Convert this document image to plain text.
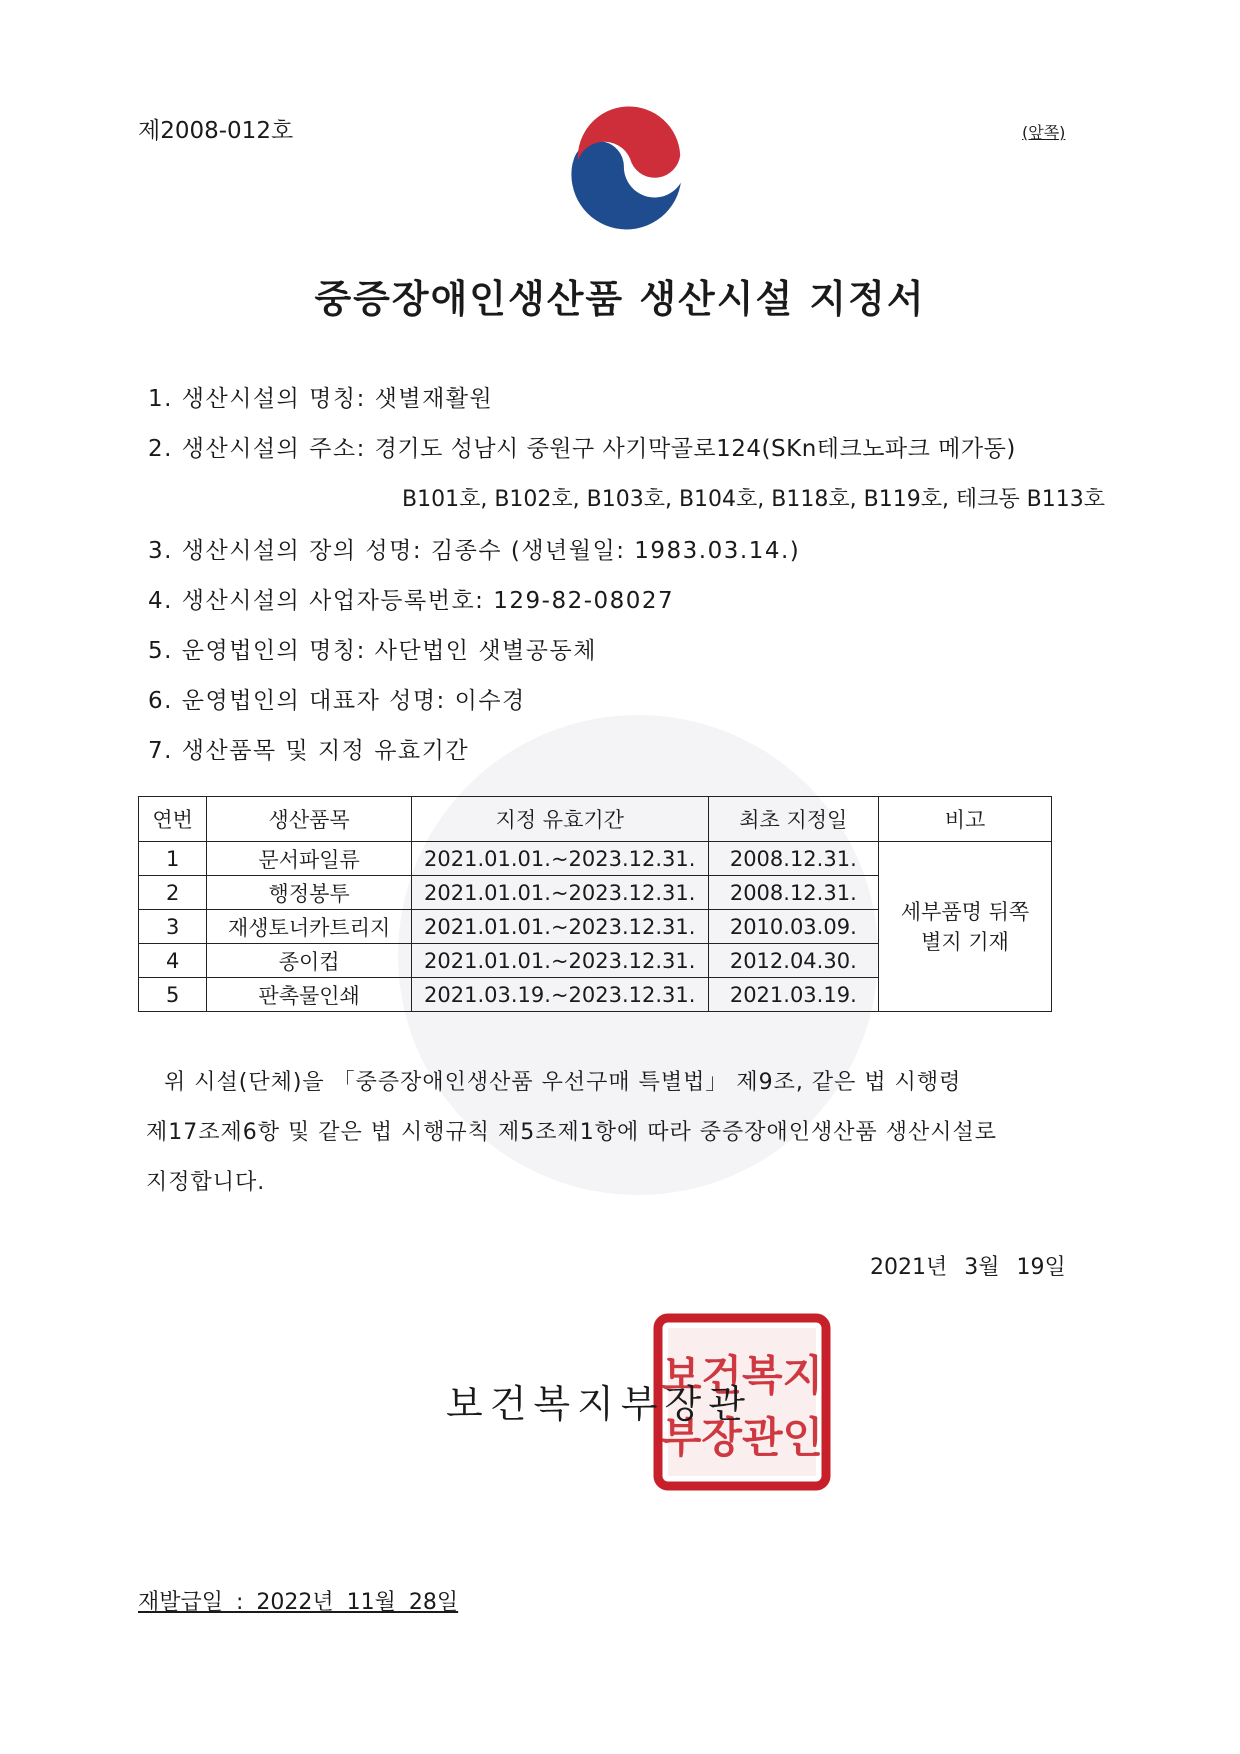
제2008-012호	(앞쪽)
중증장애인생산품 생산시설 지정서
1. 생산시설의 명칭: 샛별재활원
2. 생산시설의 주소: 경기도 성남시 중원구 사기막골로124(SKn테크노파크 메가동)
B101호, B102호, B103호, B104호, B118호, B119호, 테크동 B113호
3. 생산시설의 장의 성명: 김종수 (생년월일: 1983.03.14.)
4. 생산시설의 사업자등록번호: 129-82-08027
5. 운영법인의 명칭: 사단법인 샛별공동체
6. 운영법인의 대표자 성명: 이수경
7. 생산품목 및 지정 유효기간
연번	생산품목	지정 유효기간	최초 지정일	비고
1	문서파일류	2021.01.01.~2023.12.31.	2008.12.31.	세부품명 뒤쪽
별지 기재
2	행정봉투	2021.01.01.~2023.12.31.	2008.12.31.	
3	재생토너카트리지	2021.01.01.~2023.12.31.	2010.03.09.	
4	종이컵	2021.01.01.~2023.12.31.	2012.04.30.	
5	판촉물인쇄	2021.03.19.~2023.12.31.	2021.03.19.	
위 시설(단체)을 「중증장애인생산품 우선구매 특별법」 제9조, 같은 법 시행령
제17조제6항 및 같은 법 시행규칙 제5조제1항에 따라 중증장애인생산품 생산시설로
지정합니다.
2021년 3월 19일
보건복지
부장관인
보건복지부장관
재발급일 : 2022년 11월 28일
